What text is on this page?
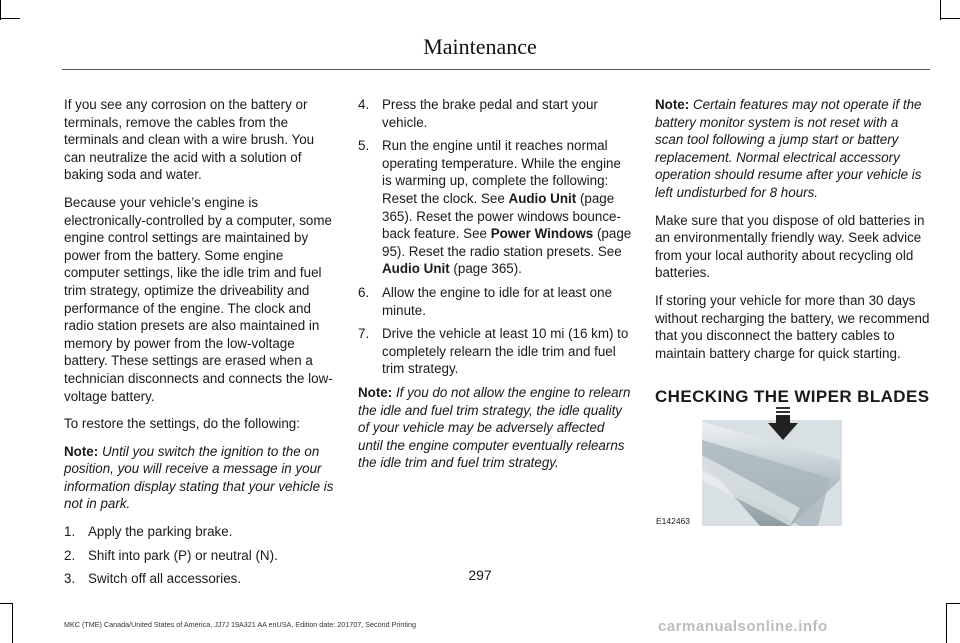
Maintenance

If you see any corrosion on the battery or terminals, remove the cables from the terminals and clean with a wire brush. You can neutralize the acid with a solution of baking soda and water.

Because your vehicle’s engine is electronically-controlled by a computer, some engine control settings are maintained by power from the battery. Some engine computer settings, like the idle trim and fuel trim strategy, optimize the driveability and performance of the engine. The clock and radio station presets are also maintained in memory by power from the low-voltage battery. These settings are erased when a technician disconnects and connects the low-voltage battery.

To restore the settings, do the following:

Note: Until you switch the ignition to the on position, you will receive a message in your information display stating that your vehicle is not in park.

1. Apply the parking brake.
2. Shift into park (P) or neutral (N).
3. Switch off all accessories.
4. Press the brake pedal and start your vehicle.
5. Run the engine until it reaches normal operating temperature. While the engine is warming up, complete the following: Reset the clock. See Audio Unit (page 365). Reset the power windows bounce-back feature. See Power Windows (page 95). Reset the radio station presets. See Audio Unit (page 365).
6. Allow the engine to idle for at least one minute.
7. Drive the vehicle at least 10 mi (16 km) to completely relearn the idle trim and fuel trim strategy.

Note: If you do not allow the engine to relearn the idle and fuel trim strategy, the idle quality of your vehicle may be adversely affected until the engine computer eventually relearns the idle trim and fuel trim strategy.

Note: Certain features may not operate if the battery monitor system is not reset with a scan tool following a jump start or battery replacement. Normal electrical accessory operation should resume after your vehicle is left undisturbed for 8 hours.

Make sure that you dispose of old batteries in an environmentally friendly way. Seek advice from your local authority about recycling old batteries.

If storing your vehicle for more than 30 days without recharging the battery, we recommend that you disconnect the battery cables to maintain battery charge for quick starting.

CHECKING THE WIPER BLADES
E142463
297
MKC (TME) Canada/United States of America, JJ7J 19A321 AA enUSA, Edition date: 201707, Second Printing	carmanualsonline.info
